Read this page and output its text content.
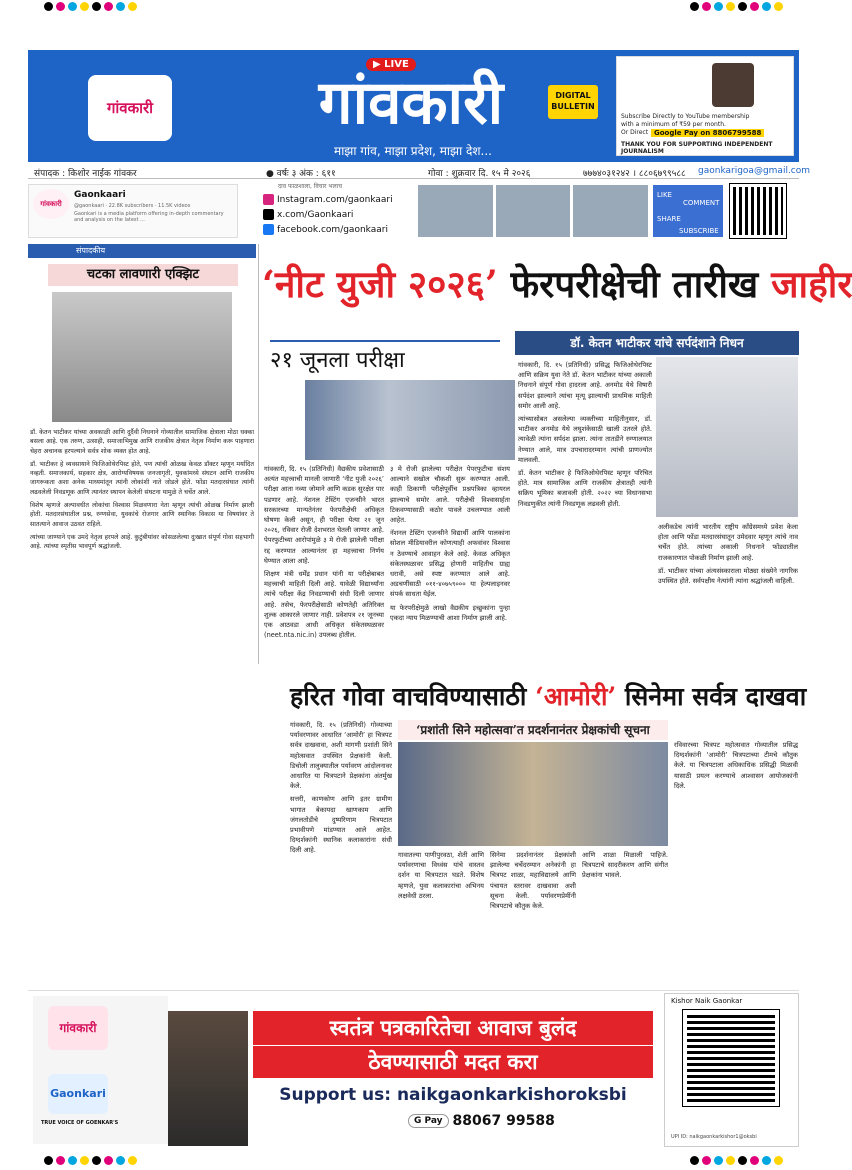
गांवकारी
▶ LIVE
गांवकारी
माझा गांव, माझा प्रदेश, माझा देश...
DIGITAL BULLETIN
Subscribe Directly to YouTube membership
with a minimum of ₹59 per month.
Or Direct Google Pay on 8806799588
THANK YOU FOR SUPPORTING INDEPENDENT JOURNALISM
संपादक : किशोर नाईक गांवकर	● वर्षः ३ अंक : ६११	गोवा : शुक्रवार दि. १५ मे २०२६	७७७४०३१२४२ । ८८०६७९९५८८ gaonkarigoa@gmail.com
गांवकारी
Gaonkaari
@gaonkaari · 22.8K subscribers · 11.5K videos
Gaonkari is a media platform offering in-depth commentary and analysis on the latest ...
दाव फाळशाला, विचार भलाच
Instagram.com/gaonkaari
x.com/Gaonkaari
facebook.com/gaonkaari
LIKE
COMMENT
SHARE
SUBSCRIBE
संपादकीय
चटका लावणारी एक्झिट

डॉ. केतन भाटीकर यांच्या अवकाळी आणि दुर्दैवी निधनाने गोव्यातील सामाजिक क्षेत्राला मोठा धक्का बसला आहे. एक तरुण, उत्साही, समाजाभिमुख आणि राजकीय क्षेत्रात नेतृत्व निर्माण करू पाहणारा चेहरा अचानक हरपल्याने सर्वत्र शोक व्यक्त होत आहे.

डॉ. भाटीकर हे व्यवसायाने फिजिओथेरपिस्ट होते, पण त्यांची ओळख केवळ डॉक्टर म्हणून मर्यादित नव्हती. समाजकार्य, सहकार क्षेत्र, आरोग्यविषयक जनजागृती, युवकांमध्ये संघटन आणि राजकीय जागरूकता अशा अनेक माध्यमांतून त्यांनी लोकांशी नाते जोडले होते. फोंडा मतदारसंघात त्यांनी लढवलेली निवडणूक आणि त्यानंतर स्थापन केलेली संघटना यामुळे ते चर्चेत आले.

विशेष म्हणजे अल्पावधीत लोकांचा विश्वास मिळवणारा नेता म्हणून त्यांची ओळख निर्माण झाली होती. मतदारसंघातील प्रश्न, रुग्णसेवा, युवकांचे रोजगार आणि स्थानिक विकास या विषयांवर ते सातत्याने आवाज उठवत राहिले.

त्यांच्या जाण्याने एक उमदे नेतृत्व हरपले आहे. कुटुंबीयांवर कोसळलेल्या दुःखात संपूर्ण गोवा सहभागी आहे. त्यांच्या स्मृतीस भावपूर्ण श्रद्धांजली.

‘नीट युजी २०२६’ फेरपरीक्षेची तारीख जाहीर
२१ जूनला परीक्षा

गांवकारी, दि. १५ (प्रतिनिधी) वैद्यकीय प्रवेशासाठी अत्यंत महत्त्वाची मानली जाणारी ‘नीट युजी २०२६’ परीक्षा आता नव्या जोमाने आणि कडक सुरक्षेत पार पडणार आहे. नॅशनल टेस्टिंग एजन्सीने भारत सरकारच्या मान्यतेनंतर फेरपरीक्षेची अधिकृत घोषणा केली असून, ही परीक्षा येत्या २१ जून २०२६, रविवार रोजी देशभरात घेतली जाणार आहे. पेपरफुटीच्या आरोपांमुळे ३ मे रोजी झालेली परीक्षा रद्द करण्यात आल्यानंतर हा महत्त्वाचा निर्णय घेण्यात आला आहे.

शिक्षण मंत्री धर्मेंद्र प्रधान यांनी या परीक्षेबाबत महत्त्वाची माहिती दिली आहे. यावेळी विद्यार्थ्यांना त्यांचे परीक्षा केंद्र निवडण्याची संधी दिली जाणार आहे. तसेच, फेरपरीक्षेसाठी कोणतेही अतिरिक्त शुल्क आकारले जाणार नाही. प्रवेशपत्र २१ जूनच्या एक आठवडा आधी अधिकृत संकेतस्थळावर (neet.nta.nic.in) उपलब्ध होतील.

३ मे रोजी झालेल्या परीक्षेत पेपरफुटीचा संशय आल्याने सखोल चौकशी सुरू करण्यात आली. काही ठिकाणी परीक्षेपूर्वीच प्रश्नपत्रिका व्हायरल झाल्याचे समोर आले. परीक्षेची विश्वासार्हता टिकवण्यासाठी कठोर पावले उचलण्यात आली आहेत.

नॅशनल टेस्टिंग एजन्सीने विद्यार्थी आणि पालकांना सोशल मीडियावरील कोणत्याही अफवांवर विश्वास न ठेवण्याचे आवाहन केले आहे. केवळ अधिकृत संकेतस्थळावर प्रसिद्ध होणारी माहितीच ग्राह्य धरावी, असे स्पष्ट करण्यात आले आहे. अडचणींसाठी ०११-४०७५९००० या हेल्पलाइनवर संपर्क साधता येईल.

या फेरपरीक्षेमुळे लाखो वैद्यकीय इच्छुकांना पुन्हा एकदा न्याय मिळण्याची आशा निर्माण झाली आहे.

डॉ. केतन भाटीकर यांचे सर्पदंशाने निधन

गांवकारी, दि. १५ (प्रतिनिधी) प्रसिद्ध फिजिओथेरपिस्ट आणि सक्रिय युवा नेते डॉ. केतन भाटीकर यांच्या अकाली निधनाने संपूर्ण गोवा हादरला आहे. अनमोड येथे विषारी सर्पदंश झाल्याने त्यांचा मृत्यू झाल्याची प्राथमिक माहिती समोर आली आहे.

त्यांच्यासोबत असलेल्या व्यक्तीच्या माहितीनुसार, डॉ. भाटीकर अनमोड येथे लघुशंकेसाठी खाली उतरले होते. त्यावेळी त्यांना सर्पदंश झाला. त्यांना तातडीने रुग्णालयात नेण्यात आले, मात्र उपचारादरम्यान त्यांची प्राणज्योत मालवली.

डॉ. केतन भाटीकर हे फिजिओथेरपिस्ट म्हणून परिचित होते. मात्र सामाजिक आणि राजकीय क्षेत्रातही त्यांनी सक्रिय भूमिका बजावली होती. २०२२ च्या विधानसभा निवडणुकीत त्यांनी निवडणूक लढवली होती.

अलीकडेच त्यांनी भारतीय राष्ट्रीय काँग्रेसमध्ये प्रवेश केला होता आणि फोंडा मतदारसंघातून उमेदवार म्हणून त्यांचे नाव चर्चेत होते. त्यांच्या अकाली निधनाने फोंड्यातील राजकारणात पोकळी निर्माण झाली आहे.

डॉ. भाटीकर यांच्या अंत्यसंस्काराला मोठ्या संख्येने नागरिक उपस्थित होते. सर्वपक्षीय नेत्यांनी त्यांना श्रद्धांजली वाहिली.

हरित गोवा वाचविण्यासाठी ‘आमोरी’ सिनेमा सर्वत्र दाखवा
‘प्रशांती सिने महोत्सवा’त प्रदर्शनानंतर प्रेक्षकांची सूचना

गांवकारी, दि. १५ (प्रतिनिधी) गोव्याच्या पर्यावरणावर आधारित ‘आमोरी’ हा चित्रपट सर्वत्र दाखवावा, अशी मागणी प्रशांती सिने महोत्सवात उपस्थित प्रेक्षकांनी केली. डिचोली तालुक्यातील पर्यावरण आंदोलनावर आधारित या चित्रपटाने प्रेक्षकांना अंतर्मुख केले.

सत्तरी, काणकोण आणि इतर ग्रामीण भागात बेकायदा खाणकाम आणि जंगलतोडीचे दुष्परिणाम चित्रपटात प्रभावीपणे मांडण्यात आले आहेत. दिग्दर्शकांनी स्थानिक कलाकारांना संधी दिली आहे.

गावातल्या पाणीपुरवठा, शेती आणि पर्यावरणाचा विध्वंस यांचे वास्तव दर्शन या चित्रपटात घडते. विशेष म्हणजे, युवा कलाकारांचा अभिनय लक्षवेधी ठरला.

सिनेमा प्रदर्शनानंतर प्रेक्षकांशी झालेल्या चर्चेदरम्यान अनेकांनी हा चित्रपट शाळा, महाविद्यालये आणि पंचायत स्तरावर दाखवावा अशी सूचना केली. पर्यावरणप्रेमींनी चित्रपटाचे कौतुक केले.

आणि शाळा मिळाली पाहिजे. चित्रपटाचे सादरीकरण आणि संगीत प्रेक्षकांना भावले.

रविवारच्या चित्रपट महोत्सवात गोव्यातील प्रसिद्ध दिग्दर्शकांनी ‘आमोरी’ चित्रपटाच्या टीमचे कौतुक केले. या चित्रपटाला अधिकाधिक प्रसिद्धी मिळावी यासाठी प्रयत्न करण्याचे आश्वासन आयोजकांनी दिले.

गांवकारी
Gaonkari
TRUE VOICE OF GOENKAR'S
स्वतंत्र पत्रकारितेचा आवाज बुलंद
ठेवण्यासाठी मदत करा
Support us: naikgaonkarkishoroksbi
G Pay 88067 99588
Kishor Naik Gaonkar
UPI ID: naikgaonkarkishor1@oksbi
